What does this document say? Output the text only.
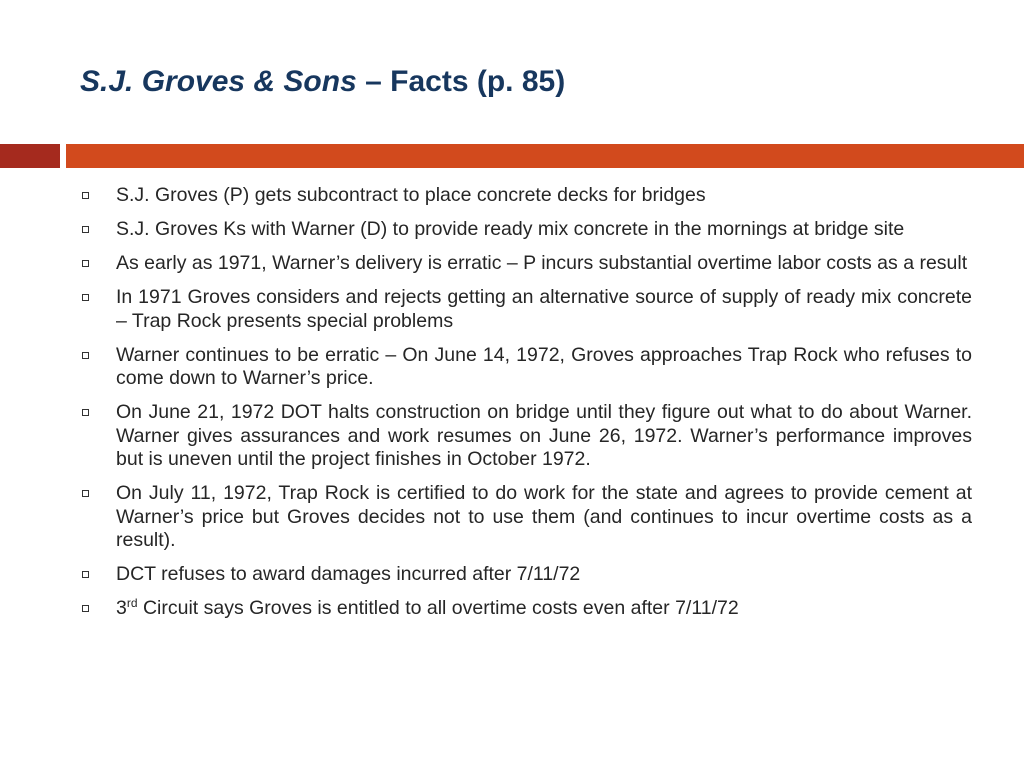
S.J. Groves & Sons – Facts (p. 85)
S.J. Groves (P) gets subcontract to place concrete decks for bridges
S.J. Groves Ks with Warner (D) to provide ready mix concrete in the mornings at bridge site
As early as 1971, Warner’s delivery is erratic – P incurs substantial overtime labor costs as a result
In 1971 Groves considers and rejects getting an alternative source of supply of ready mix concrete – Trap Rock presents special problems
Warner continues to be erratic – On June 14, 1972, Groves approaches Trap Rock who refuses to come down to Warner’s price.
On June 21, 1972 DOT halts construction on bridge until they figure out what to do about Warner. Warner gives assurances and work resumes on June 26, 1972. Warner’s performance improves but is uneven until the project finishes in October 1972.
On July 11, 1972, Trap Rock is certified to do work for the state and agrees to provide cement at Warner’s price but Groves decides not to use them (and continues to incur overtime costs as a result).
DCT refuses to award damages incurred after 7/11/72
3rd Circuit says Groves is entitled to all overtime costs even after 7/11/72
